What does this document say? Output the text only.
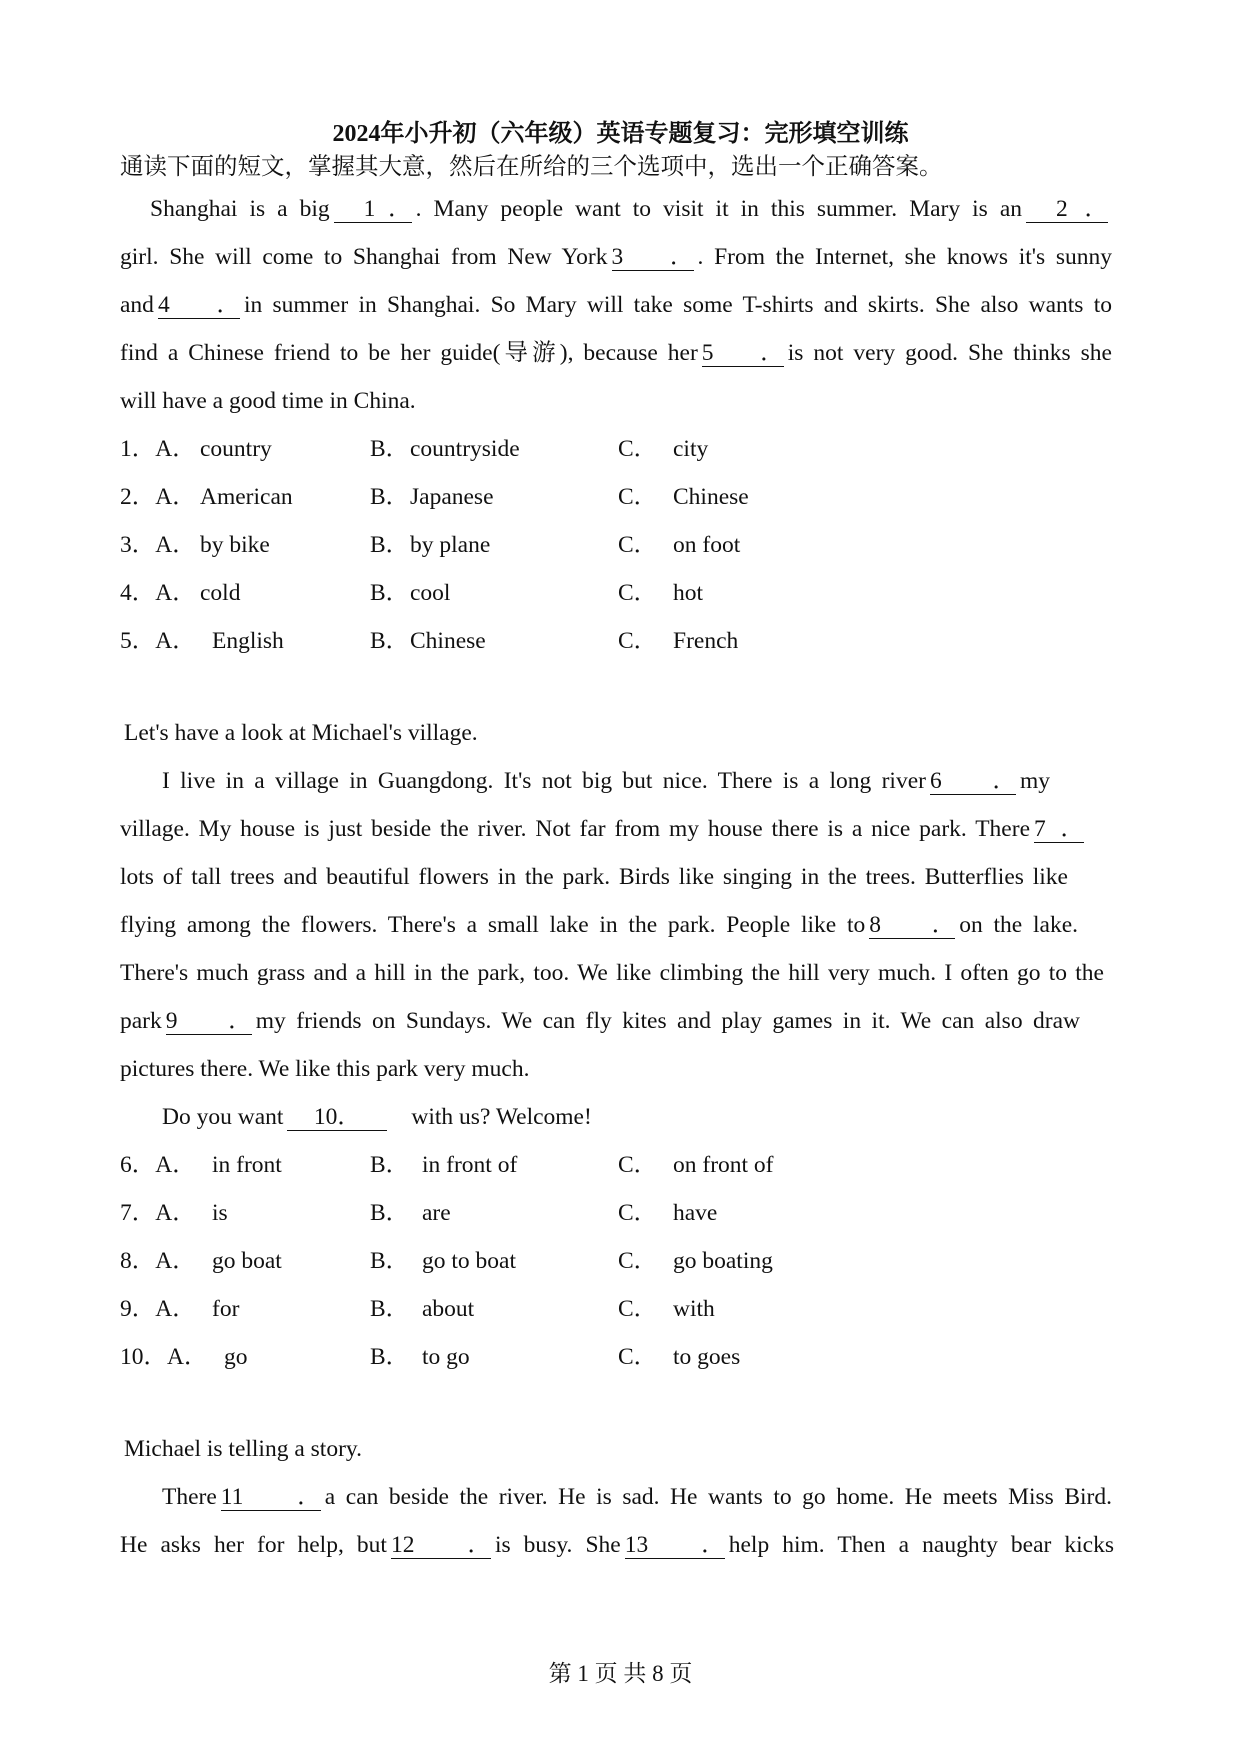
2024年小升初（六年级）英语专题复习：完形填空训练
通读下面的短文，掌握其大意，然后在所给的三个选项中，选出一个正确答案。
Shanghai is a big 1． . Many people want to visit it in this summer. Mary is an 2．
girl. She will come to Shanghai from New York 3． . From the Internet, she knows it's sunny
and 4． in summer in Shanghai. So Mary will take some T-shirts and skirts. She also wants to
find a Chinese friend to be her guide(导游), because her 5． is not very good. She thinks she
will have a good time in China.
1．A． country	B． countryside	C． city
2．A． American	B． Japanese	C． Chinese
3．A． by bike	B． by plane	C． on foot
4．A． cold	B． cool	C． hot
5．A． English	B． Chinese	C． French
Let's have a look at Michael's village.
I live in a village in Guangdong. It's not big but nice. There is a long river 6． my
village. My house is just beside the river. Not far from my house there is a nice park. There 7．
lots of tall trees and beautiful flowers in the park. Birds like singing in the trees. Butterflies like
flying among the flowers. There's a small lake in the park. People like to 8． on the lake.
There's much grass and a hill in the park, too. We like climbing the hill very much. I often go to the
park 9． my friends on Sundays. We can fly kites and play games in it. We can also draw
pictures there. We like this park very much.
Do you want 10． with us? Welcome!
6．A． in front	B． in front of	C． on front of
7．A． is	B． are	C． have
8．A． go boat	B． go to boat	C． go boating
9．A． for	B． about	C． with
10．A． go	B． to go	C． to goes
Michael is telling a story.
There 11． a can beside the river. He is sad. He wants to go home. He meets Miss Bird.
He asks her for help, but 12． is busy. She 13． help him. Then a naughty bear kicks
第 1 页 共 8 页
